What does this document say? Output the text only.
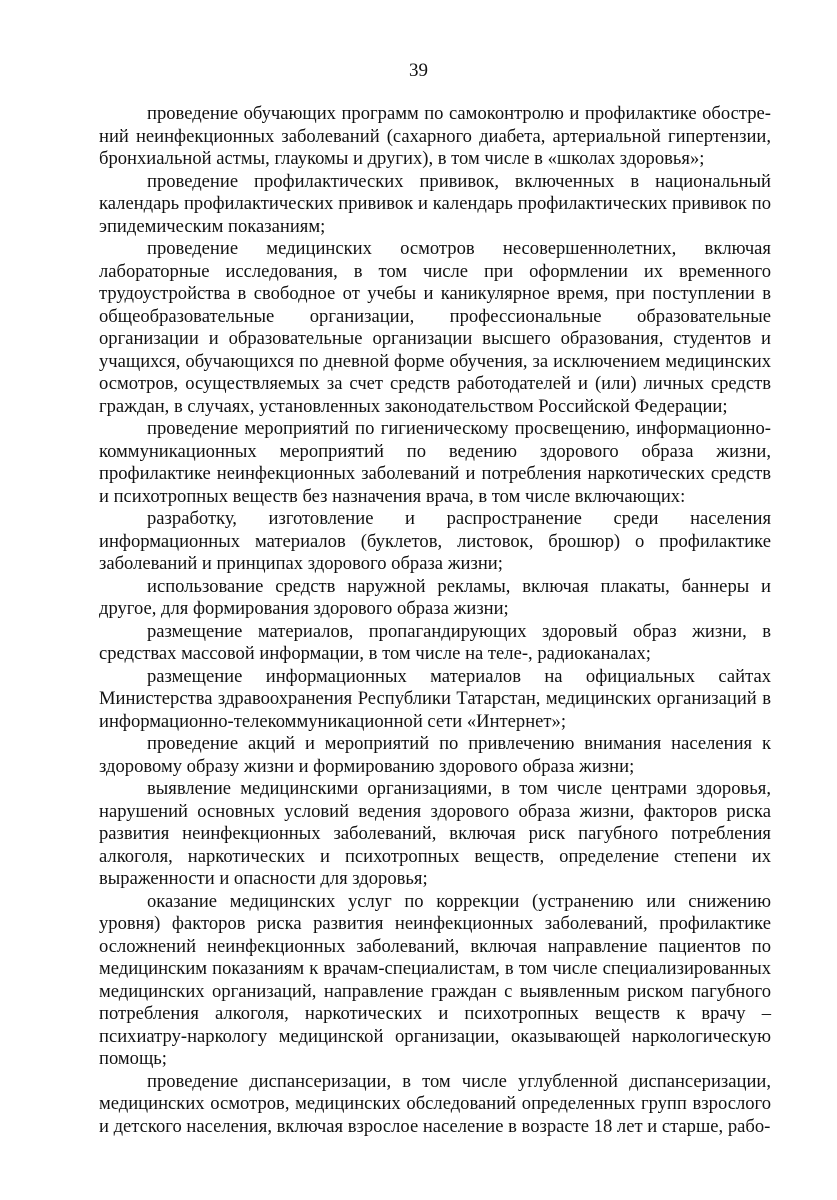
39

проведение обучающих программ по самоконтролю и профилактике обостре-ний неинфекционных заболеваний (сахарного диабета, артериальной гипертензии, бронхиальной астмы, глаукомы и других), в том числе в «школах здоровья»;

проведение профилактических прививок, включенных в национальный календарь профилактических прививок и календарь профилактических прививок по эпидемическим показаниям;

проведение медицинских осмотров несовершеннолетних, включая лабораторные исследования, в том числе при оформлении их временного трудоустройства в свободное от учебы и каникулярное время, при поступлении в общеобразовательные организации, профессиональные образовательные организации и образовательные организации высшего образования, студентов и учащихся, обучающихся по дневной форме обучения, за исключением медицинских осмотров, осуществляемых за счет средств работодателей и (или) личных средств граждан, в случаях, установленных законодательством Российской Федерации;

проведение мероприятий по гигиеническому просвещению, информационно-коммуникационных мероприятий по ведению здорового образа жизни, профилактике неинфекционных заболеваний и потребления наркотических средств и психотропных веществ без назначения врача, в том числе включающих:

разработку, изготовление и распространение среди населения информационных материалов (буклетов, листовок, брошюр) о профилактике заболеваний и принципах здорового образа жизни;

использование средств наружной рекламы, включая плакаты, баннеры и другое, для формирования здорового образа жизни;

размещение материалов, пропагандирующих здоровый образ жизни, в средствах массовой информации, в том числе на теле-, радиоканалах;

размещение информационных материалов на официальных сайтах Министерства здравоохранения Республики Татарстан, медицинских организаций в информационно-телекоммуникационной сети «Интернет»;

проведение акций и мероприятий по привлечению внимания населения к здоровому образу жизни и формированию здорового образа жизни;

выявление медицинскими организациями, в том числе центрами здоровья, нарушений основных условий ведения здорового образа жизни, факторов риска развития неинфекционных заболеваний, включая риск пагубного потребления алкоголя, наркотических и психотропных веществ, определение степени их выраженности и опасности для здоровья;

оказание медицинских услуг по коррекции (устранению или снижению уровня) факторов риска развития неинфекционных заболеваний, профилактике осложнений неинфекционных заболеваний, включая направление пациентов по медицинским показаниям к врачам-специалистам, в том числе специализированных медицинских организаций, направление граждан с выявленным риском пагубного потребления алкоголя, наркотических и психотропных веществ к врачу – психиатру-наркологу медицинской организации, оказывающей наркологическую помощь;

проведение диспансеризации, в том числе углубленной диспансеризации, медицинских осмотров, медицинских обследований определенных групп взрослого и детского населения, включая взрослое население в возрасте 18 лет и старше, рабо-
